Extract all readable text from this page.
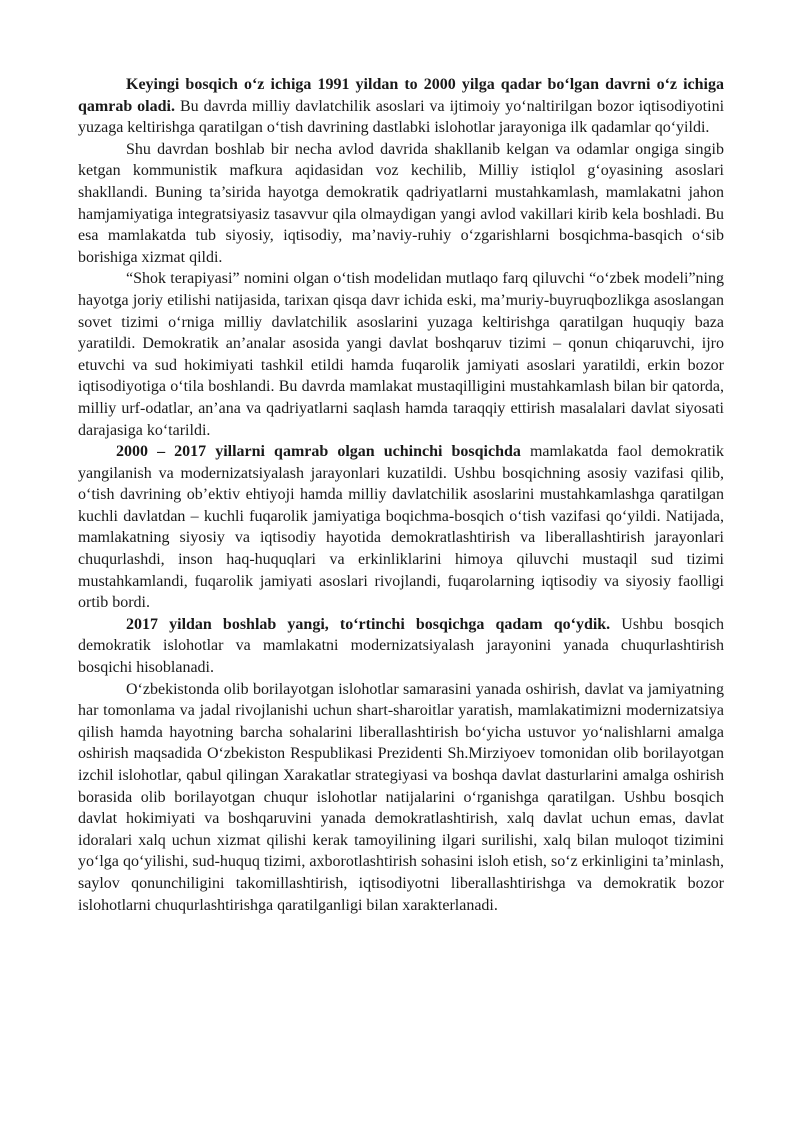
Keyingi bosqich o‘z ichiga 1991 yildan to 2000 yilga qadar bo‘lgan davrni o‘z ichiga qamrab oladi. Bu davrda milliy davlatchilik asoslari va ijtimoiy yo‘naltirilgan bozor iqtisodiyotini yuzaga keltirishga qaratilgan o‘tish davrining dastlabki islohotlar jarayoniga ilk qadamlar qo‘yildi.

Shu davrdan boshlab bir necha avlod davrida shakllanib kelgan va odamlar ongiga singib ketgan kommunistik mafkura aqidasidan voz kechilib, Milliy istiqlol g‘oyasining asoslari shakllandi. Buning ta’sirida hayotga demokratik qadriyatlarni mustahkamlash, mamlakatni jahon hamjamiyatiga integratsiyasiz tasavvur qila olmaydigan yangi avlod vakillari kirib kela boshladi. Bu esa mamlakatda tub siyosiy, iqtisodiy, ma’naviy-ruhiy o‘zgarishlarni bosqichma-basqich o‘sib borishiga xizmat qildi.

“Shok terapiyasi” nomini olgan o‘tish modelidan mutlaqo farq qiluvchi “o‘zbek modeli”ning hayotga joriy etilishi natijasida, tarixan qisqa davr ichida eski, ma’muriy-buyruqbozlikga asoslangan sovet tizimi o‘rniga milliy davlatchilik asoslarini yuzaga keltirishga qaratilgan huquqiy baza yaratildi. Demokratik an’analar asosida yangi davlat boshqaruv tizimi – qonun chiqaruvchi, ijro etuvchi va sud hokimiyati tashkil etildi hamda fuqarolik jamiyati asoslari yaratildi, erkin bozor iqtisodiyotiga o‘tila boshlandi. Bu davrda mamlakat mustaqilligini mustahkamlash bilan bir qatorda, milliy urf-odatlar, an’ana va qadriyatlarni saqlash hamda taraqqiy ettirish masalalari davlat siyosati darajasiga ko‘tarildi.

2000 – 2017 yillarni qamrab olgan uchinchi bosqichda mamlakatda faol demokratik yangilanish va modernizatsiyalash jarayonlari kuzatildi. Ushbu bosqichning asosiy vazifasi qilib, o‘tish davrining ob’ektiv ehtiyoji hamda milliy davlatchilik asoslarini mustahkamlashga qaratilgan kuchli davlatdan – kuchli fuqarolik jamiyatiga boqichma-bosqich o‘tish vazifasi qo‘yildi. Natijada, mamlakatning siyosiy va iqtisodiy hayotida demokratlashtirish va liberallashtirish jarayonlari chuqurlashdi, inson haq-huquqlari va erkinliklarini himoya qiluvchi mustaqil sud tizimi mustahkamlandi, fuqarolik jamiyati asoslari rivojlandi, fuqarolarning iqtisodiy va siyosiy faolligi ortib bordi.

2017 yildan boshlab yangi, to‘rtinchi bosqichga qadam qo‘ydik. Ushbu bosqich demokratik islohotlar va mamlakatni modernizatsiyalash jarayonini yanada chuqurlashtirish bosqichi hisoblanadi.

O‘zbekistonda olib borilayotgan islohotlar samarasini yanada oshirish, davlat va jamiyatning har tomonlama va jadal rivojlanishi uchun shart-sharoitlar yaratish, mamlakatimizni modernizatsiya qilish hamda hayotning barcha sohalarini liberallashtirish bo‘yicha ustuvor yo‘nalishlarni amalga oshirish maqsadida O‘zbekiston Respublikasi Prezidenti Sh.Mirziyoev tomonidan olib borilayotgan izchil islohotlar, qabul qilingan Xarakatlar strategiyasi va boshqa davlat dasturlarini amalga oshirish borasida olib borilayotgan chuqur islohotlar natijalarini o‘rganishga qaratilgan. Ushbu bosqich davlat hokimiyati va boshqaruvini yanada demokratlashtirish, xalq davlat uchun emas, davlat idoralari xalq uchun xizmat qilishi kerak tamoyilining ilgari surilishi, xalq bilan muloqot tizimini yo‘lga qo‘yilishi, sud-huquq tizimi, axborotlashtirish sohasini isloh etish, so‘z erkinligini ta’minlash, saylov qonunchiligini takomillashtirish, iqtisodiyotni liberallashtirishga va demokratik bozor islohotlarni chuqurlashtirishga qaratilganligi bilan xarakterlanadi.
